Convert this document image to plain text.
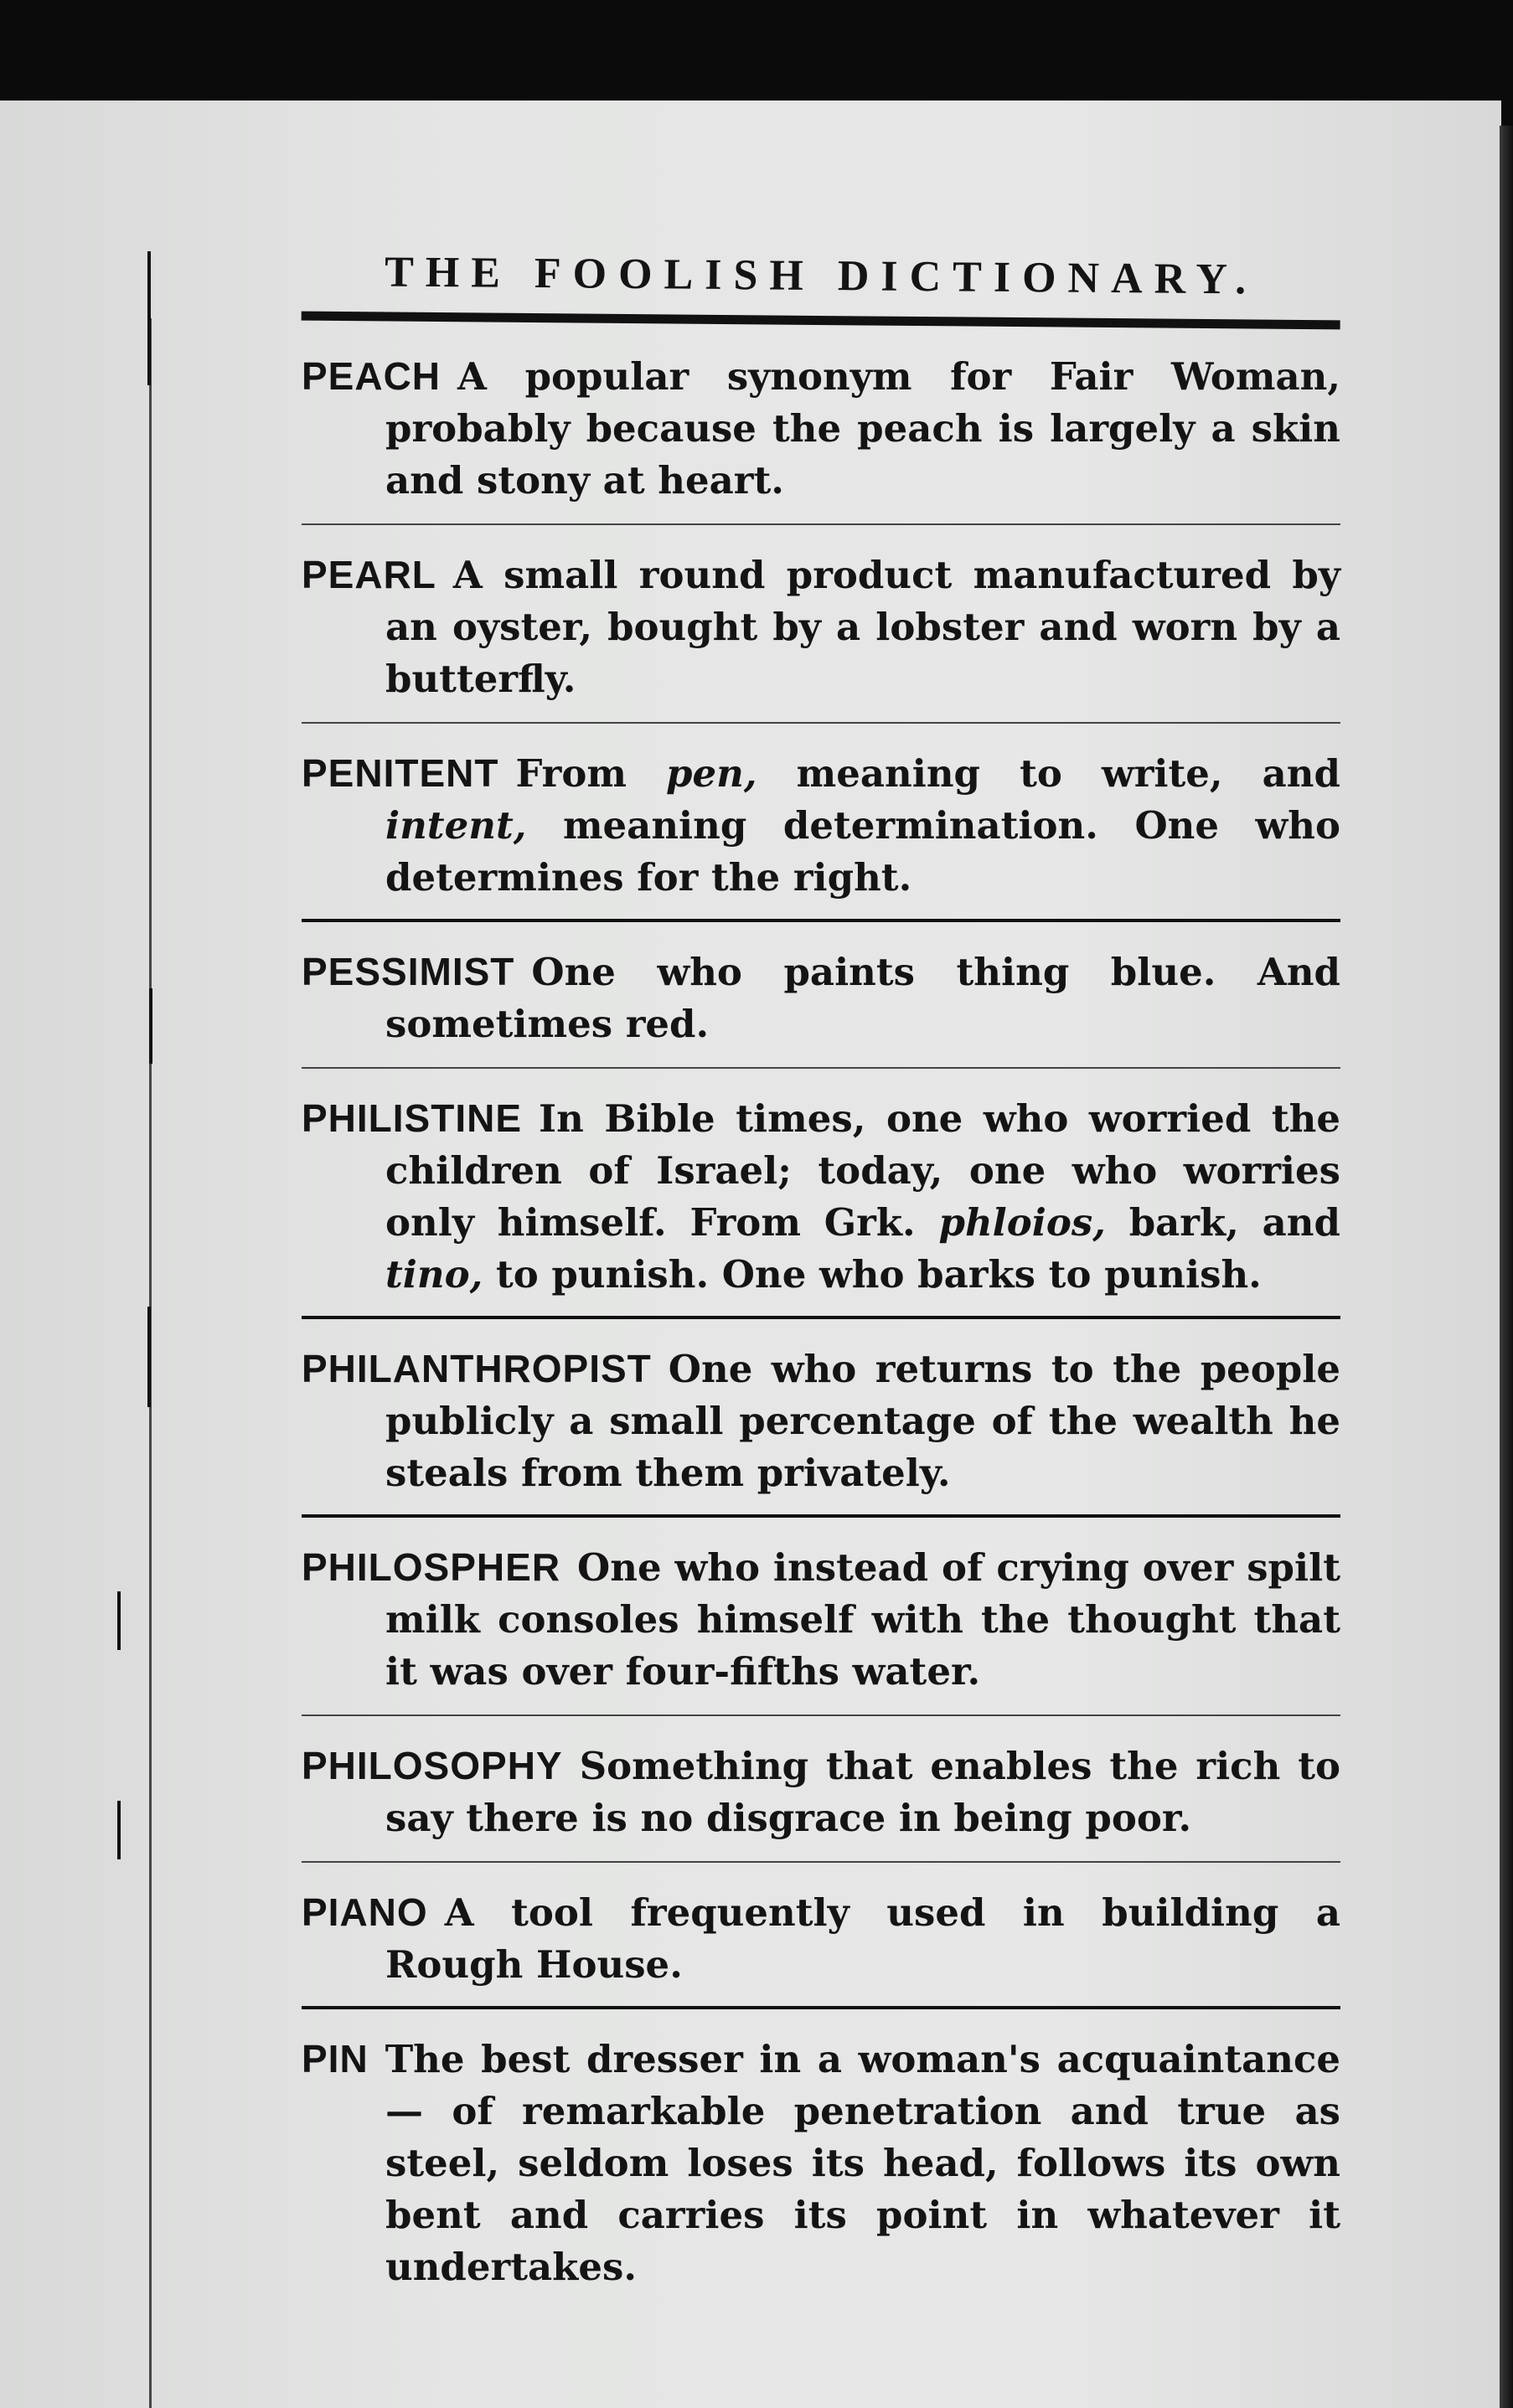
THE FOOLISH DICTIONARY.
PEACH A popular synonym for Fair Woman, probably because the peach is largely a skin and stony at heart.
PEARL A small round product manufactured by an oyster, bought by a lobster and worn by a butterfly.
PENITENT From pen, meaning to write, and intent, meaning determination. One who determines for the right.
PESSIMIST One who paints thing blue. And sometimes red.
PHILISTINE In Bible times, one who worried the children of Israel; today, one who worries only himself. From Grk. phloios, bark, and tino, to punish. One who barks to punish.
PHILANTHROPIST One who returns to the people publicly a small percentage of the wealth he steals from them privately.
PHILOSPHER One who instead of crying over spilt milk consoles himself with the thought that it was over four-fifths water.
PHILOSOPHY Something that enables the rich to say there is no disgrace in being poor.
PIANO A tool frequently used in building a Rough House.
PIN The best dresser in a woman's acquaintance — of remarkable penetration and true as steel, seldom loses its head, follows its own bent and carries its point in whatever it undertakes.
